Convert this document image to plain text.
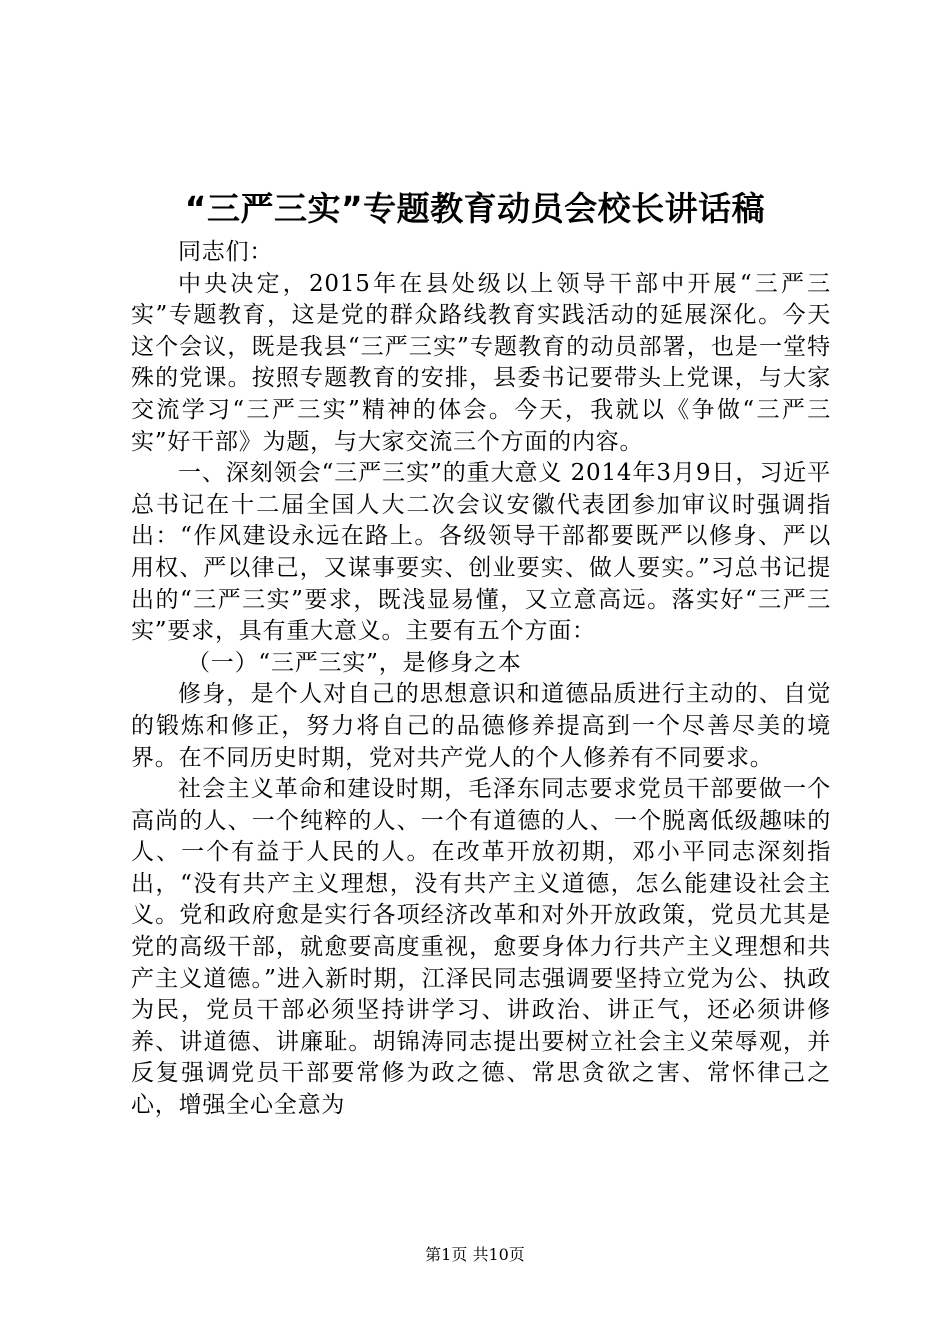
“三严三实”专题教育动员会校长讲话稿

同志们：

中央决定，2015年在县处级以上领导干部中开展“三严三实”专题教育，这是党的群众路线教育实践活动的延展深化。今天这个会议，既是我县“三严三实”专题教育的动员部署，也是一堂特殊的党课。按照专题教育的安排，县委书记要带头上党课，与大家交流学习“三严三实”精神的体会。今天，我就以《争做“三严三实”好干部》为题，与大家交流三个方面的内容。

一、深刻领会“三严三实”的重大意义 2014年3月9日，习近平总书记在十二届全国人大二次会议安徽代表团参加审议时强调指出：“作风建设永远在路上。各级领导干部都要既严以修身、严以用权、严以律己，又谋事要实、创业要实、做人要实。”习总书记提出的“三严三实”要求，既浅显易懂，又立意高远。落实好“三严三实”要求，具有重大意义。主要有五个方面：

（一）“三严三实”，是修身之本

修身，是个人对自己的思想意识和道德品质进行主动的、自觉的锻炼和修正，努力将自己的品德修养提高到一个尽善尽美的境界。在不同历史时期，党对共产党人的个人修养有不同要求。

社会主义革命和建设时期，毛泽东同志要求党员干部要做一个高尚的人、一个纯粹的人、一个有道德的人、一个脱离低级趣味的人、一个有益于人民的人。在改革开放初期，邓小平同志深刻指出，“没有共产主义理想，没有共产主义道德，怎么能建设社会主义。党和政府愈是实行各项经济改革和对外开放政策，党员尤其是党的高级干部，就愈要高度重视，愈要身体力行共产主义理想和共产主义道德。”进入新时期，江泽民同志强调要坚持立党为公、执政为民，党员干部必须坚持讲学习、讲政治、讲正气，还必须讲修养、讲道德、讲廉耻。胡锦涛同志提出要树立社会主义荣辱观，并反复强调党员干部要常修为政之德、常思贪欲之害、常怀律己之心，增强全心全意为

第1页 共10页
